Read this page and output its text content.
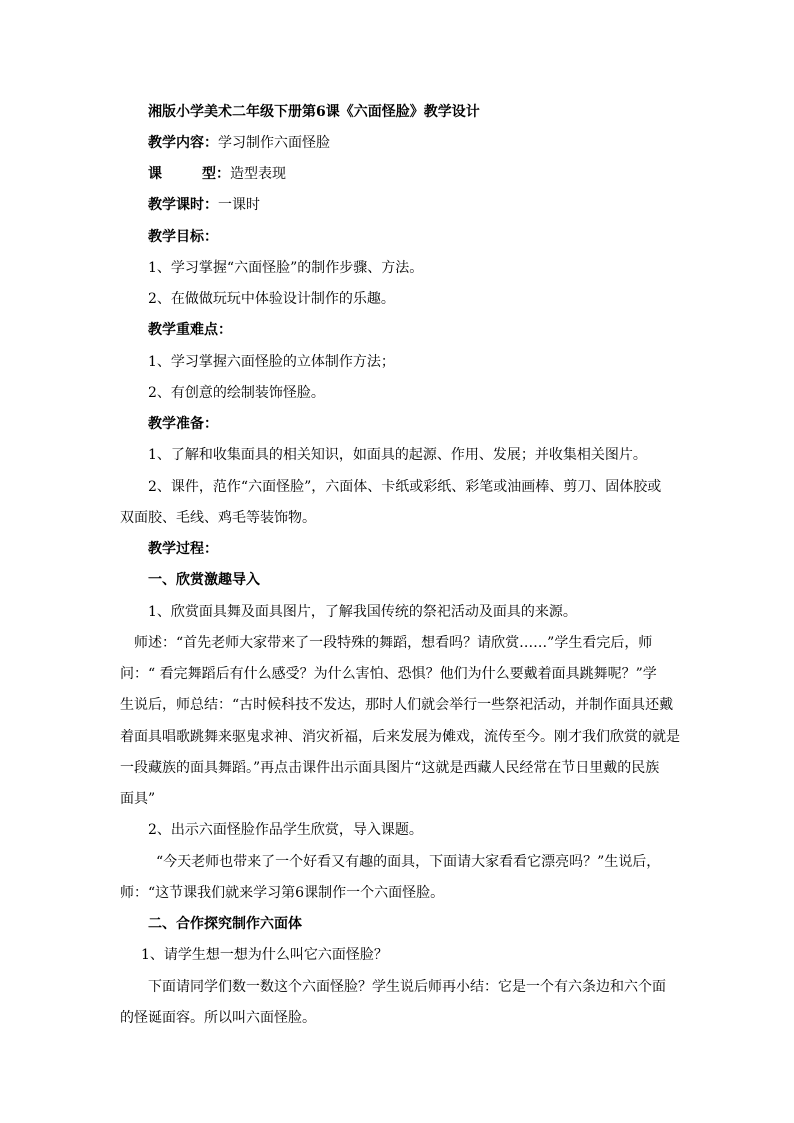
湘版小学美术二年级下册第6课《六面怪脸》教学设计
教学内容：学习制作六面怪脸
课	型：造型表现
教学课时：一课时
教学目标：
1、学习掌握“六面怪脸”的制作步骤、方法。
2、在做做玩玩中体验设计制作的乐趣。
教学重难点：
1、学习掌握六面怪脸的立体制作方法；
2、有创意的绘制装饰怪脸。
教学准备：
1、了解和收集面具的相关知识，如面具的起源、作用、发展；并收集相关图片。
2、课件，范作“六面怪脸”，六面体、卡纸或彩纸、彩笔或油画棒、剪刀、固体胶或
双面胶、毛线、鸡毛等装饰物。
教学过程：
一、欣赏激趣导入
1、欣赏面具舞及面具图片，了解我国传统的祭祀活动及面具的来源。
师述：“首先老师大家带来了一段特殊的舞蹈，想看吗？请欣赏……”学生看完后，师
问：“ 看完舞蹈后有什么感受？为什么害怕、恐惧？他们为什么要戴着面具跳舞呢？”学
生说后，师总结：“古时候科技不发达，那时人们就会举行一些祭祀活动，并制作面具还戴
着面具唱歌跳舞来驱鬼求神、消灾祈福，后来发展为傩戏，流传至今。刚才我们欣赏的就是
一段藏族的面具舞蹈。”再点击课件出示面具图片“这就是西藏人民经常在节日里戴的民族
面具”
2、出示六面怪脸作品学生欣赏，导入课题。
“今天老师也带来了一个好看又有趣的面具，下面请大家看看它漂亮吗？”生说后，
师：“这节课我们就来学习第6课制作一个六面怪脸。
二、合作探究制作六面体
1、请学生想一想为什么叫它六面怪脸？
下面请同学们数一数这个六面怪脸？学生说后师再小结：它是一个有六条边和六个面
的怪诞面容。所以叫六面怪脸。
